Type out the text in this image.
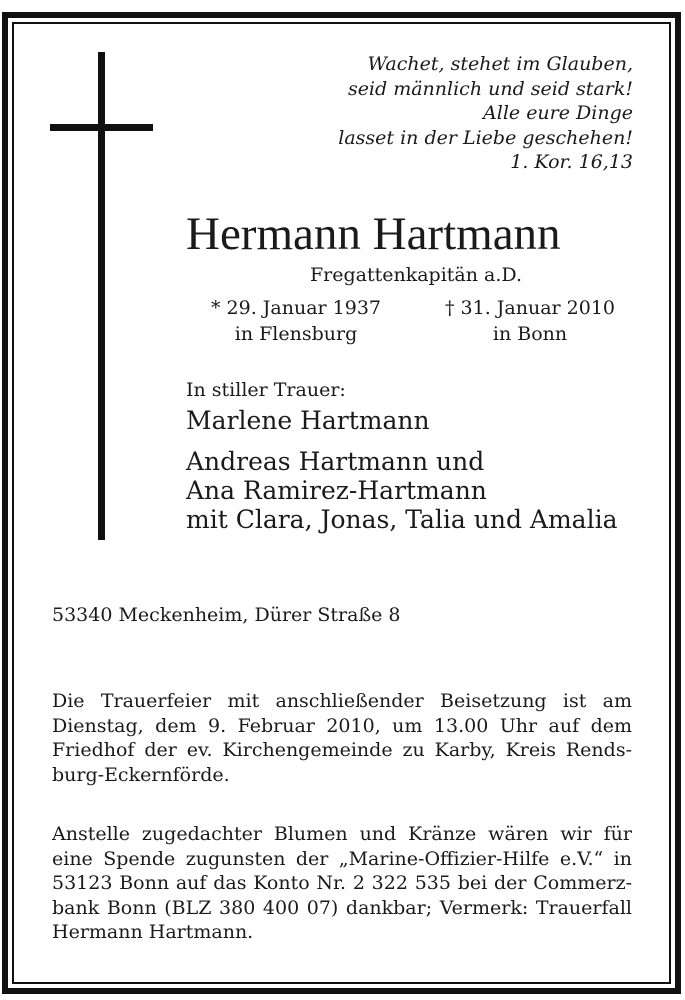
Wachet, stehet im Glauben,
seid männlich und seid stark!
Alle eure Dinge
lasset in der Liebe geschehen!
1. Kor. 16,13
Hermann Hartmann
Fregattenkapitän a.D.
* 29. Januar 1937
in Flensburg
† 31. Januar 2010
in Bonn
In stiller Trauer:
Marlene Hartmann
Andreas Hartmann und
Ana Ramirez-Hartmann
mit Clara, Jonas, Talia und Amalia
53340 Meckenheim, Dürer Straße 8
Die Trauerfeier mit anschließender Beisetzung ist am
Dienstag, dem 9. Februar 2010, um 13.00 Uhr auf dem
Friedhof der ev. Kirchengemeinde zu Karby, Kreis Rends-
burg-Eckernförde.
Anstelle zugedachter Blumen und Kränze wären wir für
eine Spende zugunsten der „Marine-Offizier-Hilfe e.V.“ in
53123 Bonn auf das Konto Nr. 2 322 535 bei der Commerz-
bank Bonn (BLZ 380 400 07) dankbar; Vermerk: Trauerfall
Hermann Hartmann.
